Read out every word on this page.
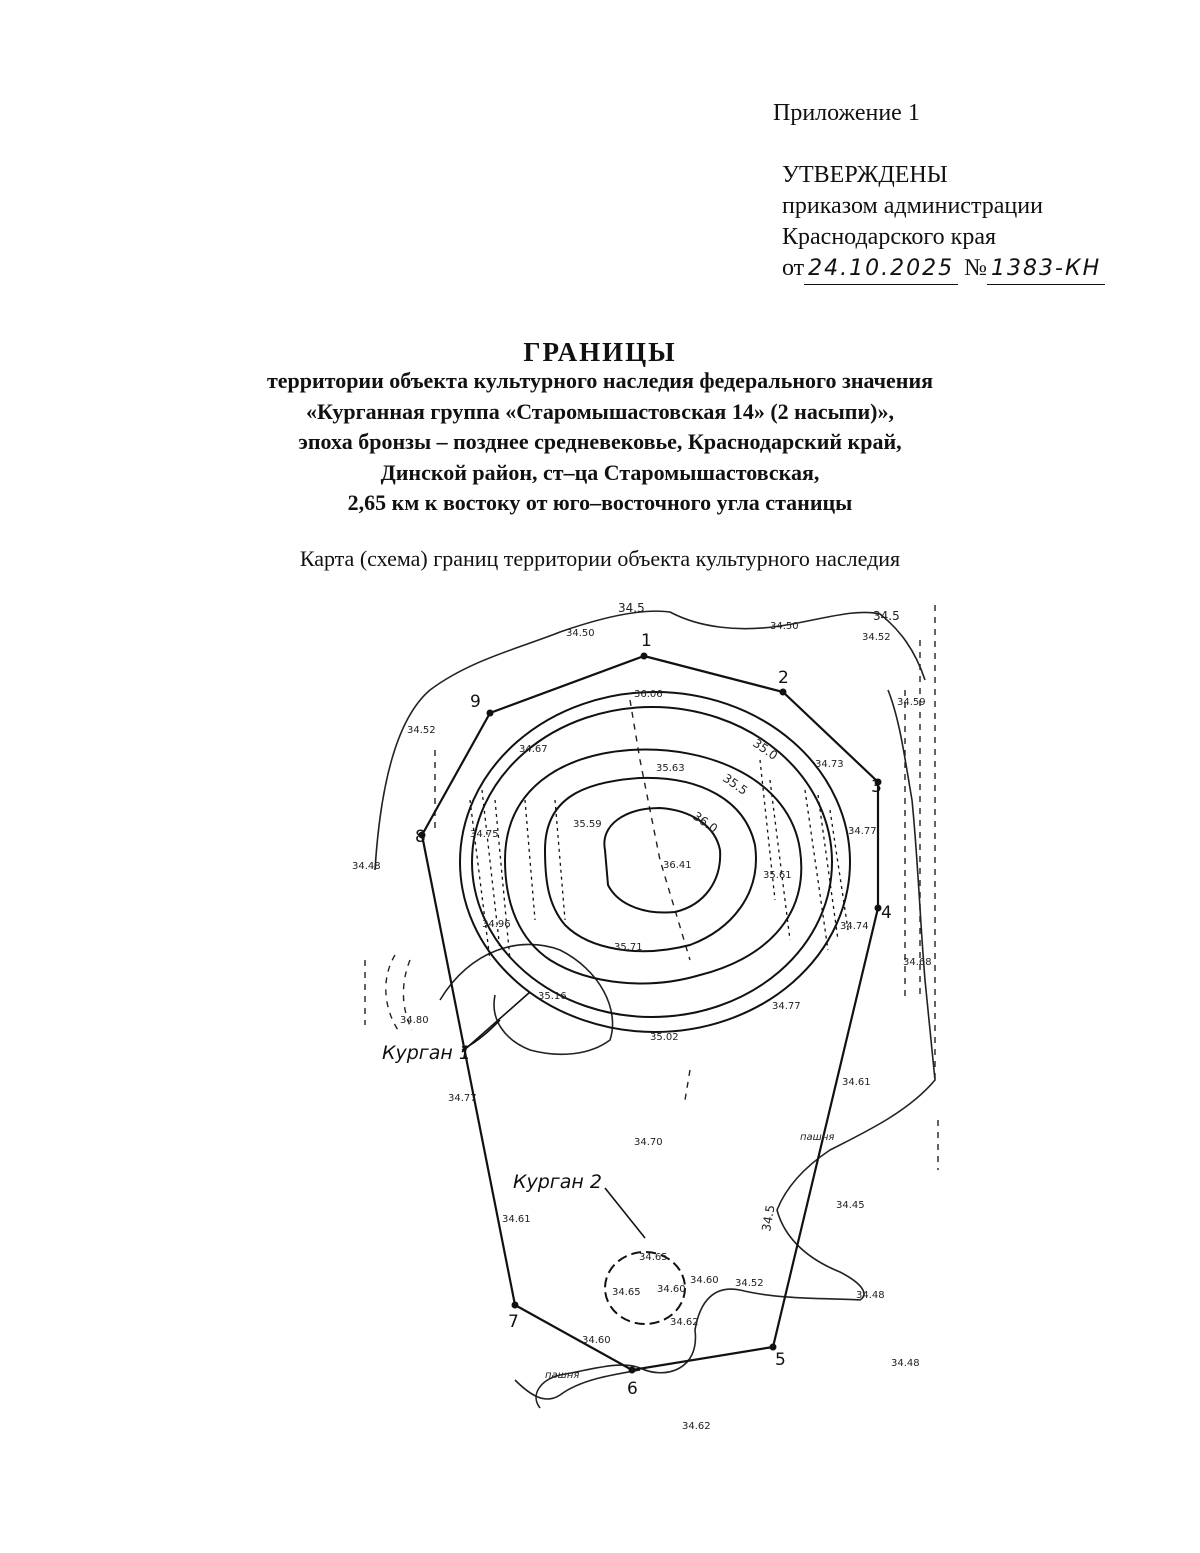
Приложение 1
УТВЕРЖДЕНЫ
приказом администрации
Краснодарского края
от 24.10.2025 № 1383-КН
ГРАНИЦЫ
территории объекта культурного наследия федерального значения
«Курганная группа «Старомышастовская 14» (2 насыпи)»,
эпоха бронзы – позднее средневековье, Краснодарский край,
Динской район, ст–ца Старомышастовская,
2,65 км к востоку от юго–восточного угла станицы
Карта (схема) границ территории объекта культурного наследия
1
2
3
4
5
6
7
8
9
Курган 1
Курган 2
пашня
пашня
35.0
35.5
36.0
34.5
34.5
34.5
34.50
34.50
34.52
34.52
34.59
34.67
34.73
34.75	34.77
34.48
34.96	34.74
34.68
35.63
35.59
36.41
35.61
35.71
35.16
34.80
35.02
34.77
34.77
34.61
34.70
34.45
34.61
34.65
34.65 34.60
34.60 34.52
34.48
34.62
34.60
34.48
34.62
36.06
